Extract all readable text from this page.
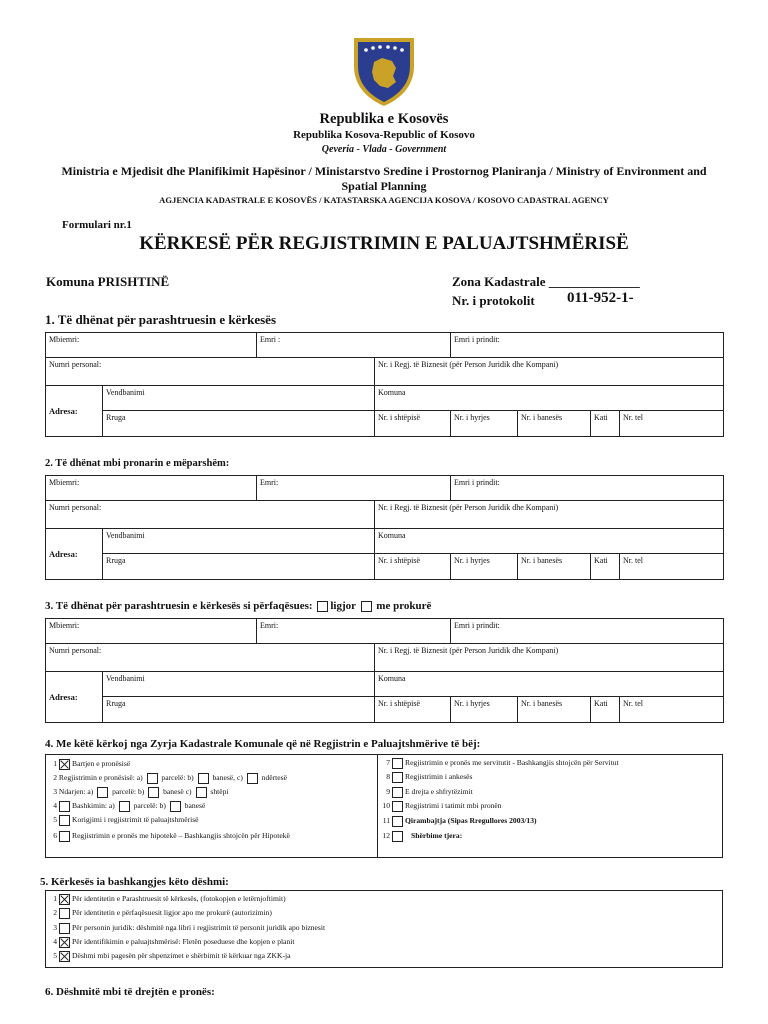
Republika e Kosovës
Republika Kosova-Republic of Kosovo
Qeveria - Vlada - Government
Ministria e Mjedisit dhe Planifikimit Hapësinor / Ministarstvo Sredine i Prostornog Planiranja / Ministry of Environment and Spatial Planning
AGJENCIA KADASTRALE E KOSOVËS / KATASTARSKA AGENCIJA KOSOVA / KOSOVO CADASTRAL AGENCY
Formulari nr.1
KËRKESË PËR REGJISTRIMIN E PALUAJTSHMËRISË
Komuna PRISHTINË	Zona Kadastrale ______________
Nr. i protokolit 011-952-1-
1. Të dhënat për parashtruesin e kërkesës
Mbiemri:		Emri :		Emri i prindit:			
Numri personal:			Nr. i Regj. të Biznesit (për Person Juridik dhe Kompani)				
Adresa:	Vendbanimi		Komuna				
	Rruga		Nr. i shtëpisë	Nr. i hyrjes	Nr. i banesës	Kati	Nr. tel
2. Të dhënat mbi pronarin e mëparshëm:
Mbiemri:		Emri:		Emri i prindit:			
Numri personal:			Nr. i Regj. të Biznesit (për Person Juridik dhe Kompani)				
Adresa:	Vendbanimi		Komuna				
	Rruga		Nr. i shtëpisë	Nr. i hyrjes	Nr. i banesës	Kati	Nr. tel
3. Të dhënat për parashtruesin e kërkesës si përfaqësues: ligjor me prokurë
Mbiemri:		Emri:		Emri i prindit:			
Numri personal:			Nr. i Regj. të Biznesit (për Person Juridik dhe Kompani)				
Adresa:	Vendbanimi		Komuna				
	Rruga		Nr. i shtëpisë	Nr. i hyrjes	Nr. i banesës	Kati	Nr. tel
4. Me këtë kërkoj nga Zyrja Kadastrale Komunale që në Regjistrin e Paluajtshmërive të bëj:
1 Bartjen e pronësisë
2 Regjistrimin e pronësisë: a)  parcelë: b)  banesë, c)  ndërtesë
3 Ndarjen: a)  parcelë: b)  banesë c)  shtëpi
4 Bashkimin: a)  parcelë: b)  banesë
5 Korigjimi i regjistrimit të paluajtshmërisë
6 Regjistrimin e pronës me hipotekë – Bashkangjis shtojcën për Hipotekë
7 Regjistrimin e pronës me servitutit - Bashkangjis shtojcën për Servitut
8 Regjistrimin i ankesës
9 E drejta e shfrytëzimit
10 Regjistrimi i tatimit mbi pronën
11 Qirambajtja (Sipas Rregullores 2003/13)
12	Shërbime tjera:
5. Kërkesës ia bashkangjes këto dëshmi:
1 Për identitetin e Parashtruesit të kërkesës, (fotokopjen e letërnjoftimit)
2 Për identitetin e përfaqësuesit ligjor apo me prokurë (autorizimin)
3 Për personin juridik: dëshmitë nga libri i regjistrimit të personit juridik apo biznesit
4 Për identifikimin e paluajtshmërisë: Fletën poseduese dhe kopjen e planit
5 Dëshmi mbi pagesën për shpenzimet e shërbimit të kërkuar nga ZKK-ja
6. Dëshmitë mbi të drejtën e pronës:
